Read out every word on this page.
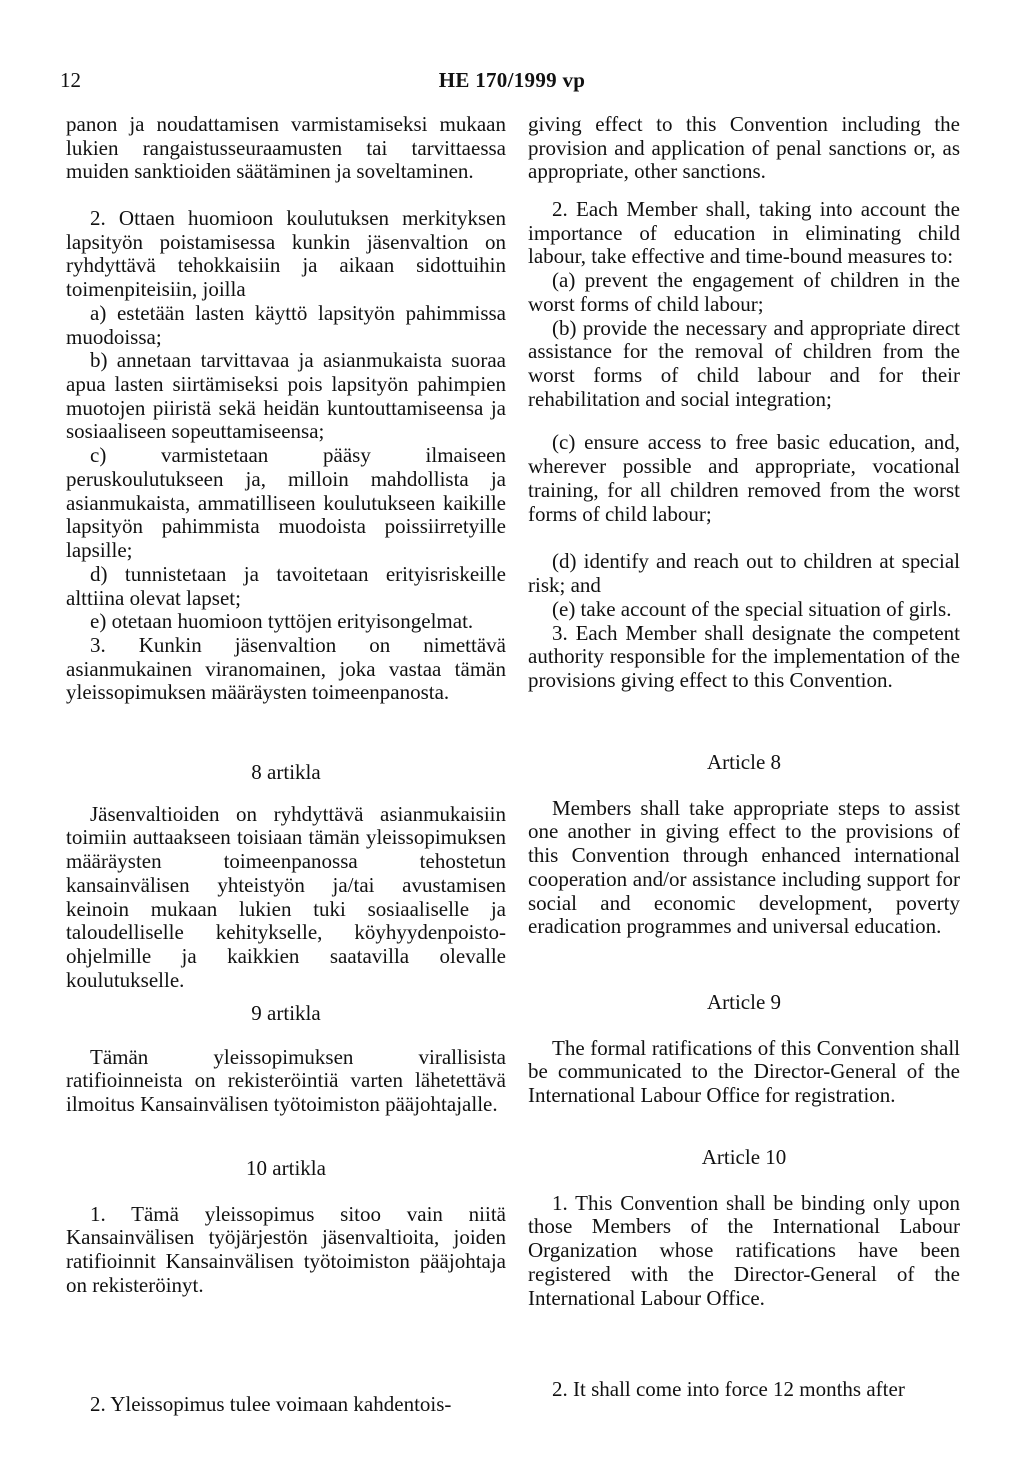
12	HE 170/1999 vp

panon ja noudattamisen varmistamiseksi mukaan lukien rangaistusseuraamusten tai tarvittaessa muiden sanktioiden säätäminen ja soveltaminen.

2. Ottaen huomioon koulutuksen merkityksen lapsityön poistamisessa kunkin jäsenvaltion on ryhdyttävä tehokkaisiin ja aikaan sidottuihin toimenpiteisiin, joilla

a) estetään lasten käyttö lapsityön pahimmissa muodoissa;

b) annetaan tarvittavaa ja asianmukaista suoraa apua lasten siirtämiseksi pois lapsityön pahimpien muotojen piiristä sekä heidän kuntouttamiseensa ja sosiaaliseen sopeuttamiseensa;

c) varmistetaan pääsy ilmaiseen peruskoulutukseen ja, milloin mahdollista ja asianmukaista, ammatilliseen koulutukseen kaikille lapsityön pahimmista muodoista poissiirretyille lapsille;

d) tunnistetaan ja tavoitetaan erityisriskeille alttiina olevat lapset;

e) otetaan huomioon tyttöjen erityisongelmat.

3. Kunkin jäsenvaltion on nimettävä asianmukainen viranomainen, joka vastaa tämän yleissopimuksen määräysten toimeenpanosta.

8 artikla

Jäsenvaltioiden on ryhdyttävä asianmukaisiin toimiin auttaakseen toisiaan tämän yleissopimuksen määräysten toimeenpanossa tehostetun kansainvälisen yhteistyön ja/tai avustamisen keinoin mukaan lukien tuki sosiaaliselle ja taloudelliselle kehitykselle, köyhyydenpoisto-ohjelmille ja kaikkien saatavilla olevalle koulutukselle.

9 artikla

Tämän yleissopimuksen virallisista ratifioinneista on rekisteröintiä varten lähetettävä ilmoitus Kansainvälisen työtoimiston pääjohtajalle.

10 artikla

1. Tämä yleissopimus sitoo vain niitä Kansainvälisen työjärjestön jäsenvaltioita, joiden ratifioinnit Kansainvälisen työtoimiston pääjohtaja on rekisteröinyt.

2. Yleissopimus tulee voimaan kahdentois-

giving effect to this Convention including the provision and application of penal sanctions or, as appropriate, other sanctions.

2. Each Member shall, taking into account the importance of education in eliminating child labour, take effective and time-bound measures to:

(a) prevent the engagement of children in the worst forms of child labour;

(b) provide the necessary and appropriate direct assistance for the removal of children from the worst forms of child labour and for their rehabilitation and social integration;

(c) ensure access to free basic education, and, wherever possible and appropriate, vocational training, for all children removed from the worst forms of child labour;

(d) identify and reach out to children at special risk; and

(e) take account of the special situation of girls.

3. Each Member shall designate the competent authority responsible for the implementation of the provisions giving effect to this Convention.

Article 8

Members shall take appropriate steps to assist one another in giving effect to the provisions of this Convention through enhanced international cooperation and/or assistance including support for social and economic development, poverty eradication programmes and universal education.

Article 9

The formal ratifications of this Convention shall be communicated to the Director-General of the International Labour Office for registration.

Article 10

1. This Convention shall be binding only upon those Members of the International Labour Organization whose ratifications have been registered with the Director-General of the International Labour Office.

2. It shall come into force 12 months after
